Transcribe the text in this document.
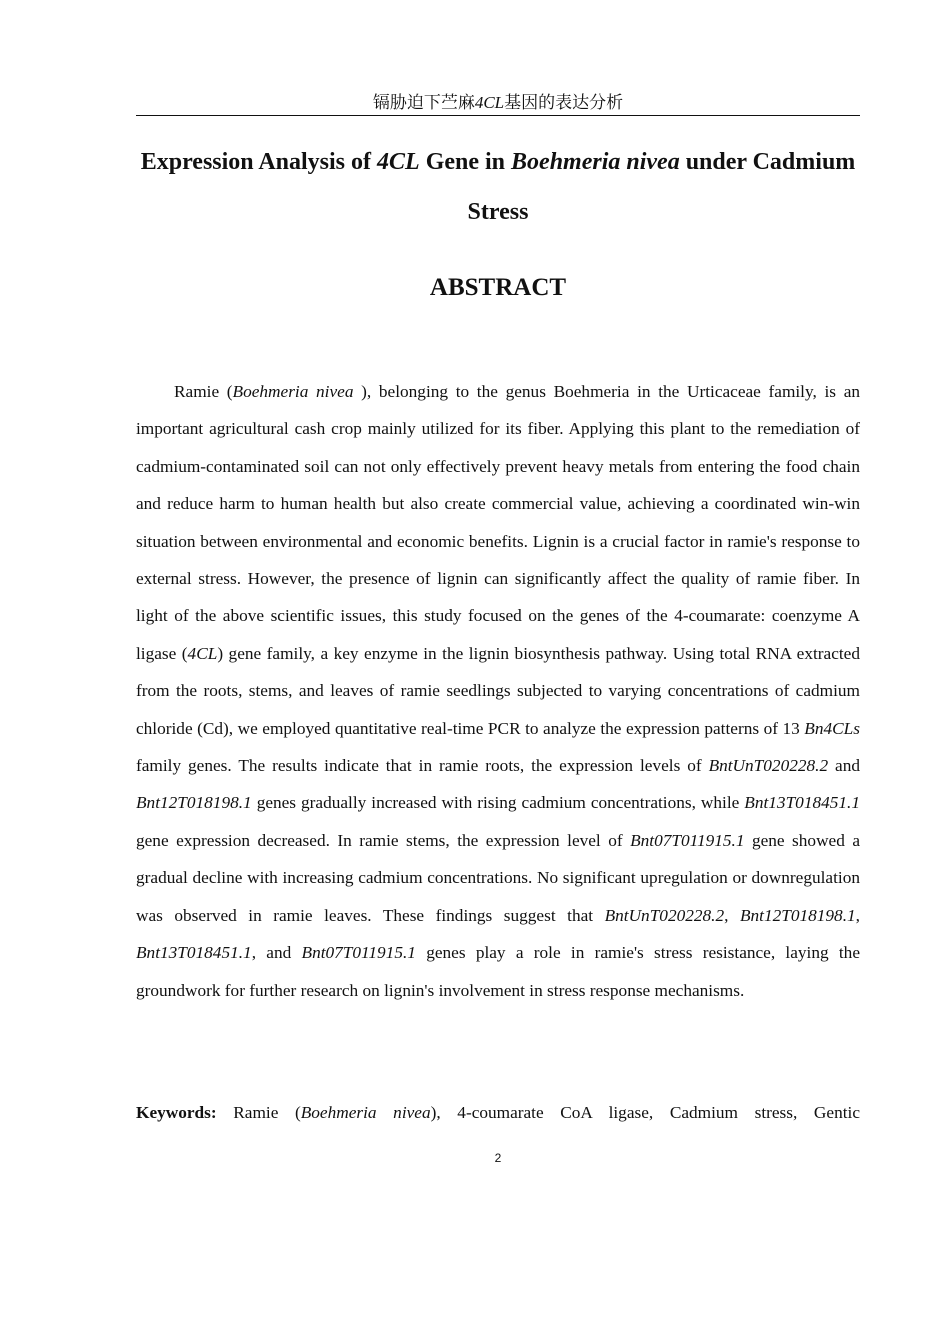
镉胁迫下苎麻4CL基因的表达分析
Expression Analysis of 4CL Gene in Boehmeria nivea under Cadmium Stress
ABSTRACT

Ramie (Boehmeria nivea ), belonging to the genus Boehmeria in the Urticaceae family, is an important agricultural cash crop mainly utilized for its fiber. Applying this plant to the remediation of cadmium-contaminated soil can not only effectively prevent heavy metals from entering the food chain and reduce harm to human health but also create commercial value, achieving a coordinated win-win situation between environmental and economic benefits. Lignin is a crucial factor in ramie's response to external stress. However, the presence of lignin can significantly affect the quality of ramie fiber. In light of the above scientific issues, this study focused on the genes of the 4-coumarate: coenzyme A ligase (4CL) gene family, a key enzyme in the lignin biosynthesis pathway. Using total RNA extracted from the roots, stems, and leaves of ramie seedlings subjected to varying concentrations of cadmium chloride (Cd), we employed quantitative real-time PCR to analyze the expression patterns of 13 Bn4CLs family genes. The results indicate that in ramie roots, the expression levels of BntUnT020228.2 and Bnt12T018198.1 genes gradually increased with rising cadmium concentrations, while Bnt13T018451.1 gene expression decreased. In ramie stems, the expression level of Bnt07T011915.1 gene showed a gradual decline with increasing cadmium concentrations. No significant upregulation or downregulation was observed in ramie leaves. These findings suggest that BntUnT020228.2, Bnt12T018198.1, Bnt13T018451.1, and Bnt07T011915.1 genes play a role in ramie's stress resistance, laying the groundwork for further research on lignin's involvement in stress response mechanisms.

Keywords: Ramie (Boehmeria nivea), 4-coumarate CoA ligase, Cadmium stress, Gentic

2
